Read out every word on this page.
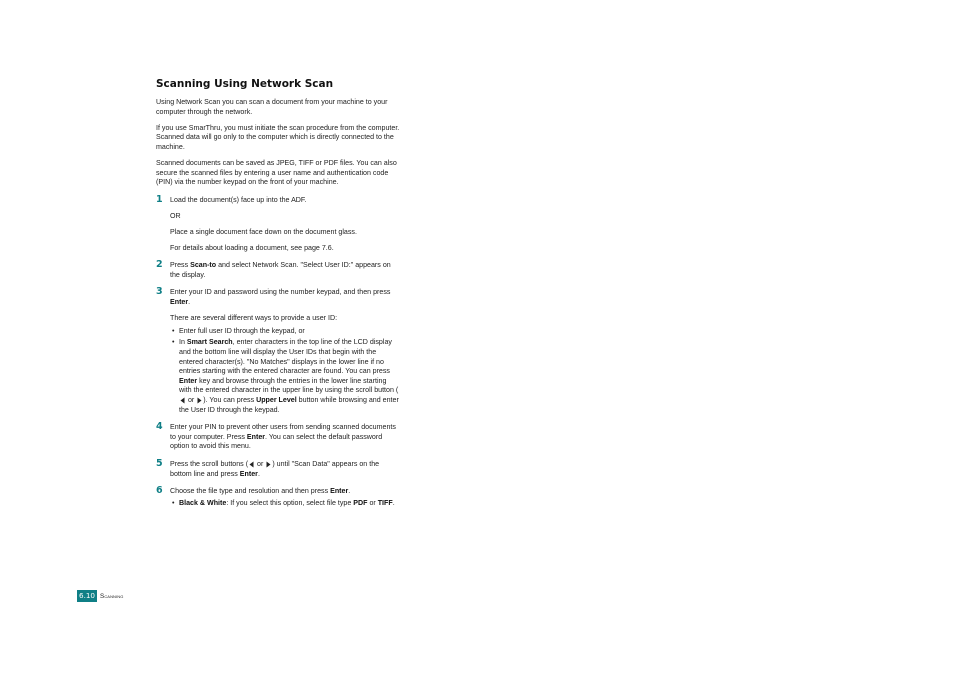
Scanning Using Network Scan

Using Network Scan you can scan a document from your machine to your computer through the network.

If you use SmarThru, you must initiate the scan procedure from the computer. Scanned data will go only to the computer which is directly connected to the machine.

Scanned documents can be saved as JPEG, TIFF or PDF files. You can also secure the scanned files by entering a user name and authentication code (PIN) via the number keypad on the front of your machine.

1 Load the document(s) face up into the ADF.

OR

Place a single document face down on the document glass.

For details about loading a document, see page 7.6.

2 Press Scan-to and select Network Scan. "Select User ID:" appears on the display.

3 Enter your ID and password using the number keypad, and then press Enter.

There are several different ways to provide a user ID:

• Enter full user ID through the keypad, or
• In Smart Search, enter characters in the top line of the LCD display and the bottom line will display the User IDs that begin with the entered character(s). "No Matches" displays in the lower line if no entries starting with the entered character are found. You can press Enter key and browse through the entries in the lower line starting with the entered character in the upper line by using the scroll button ( or ). You can press Upper Level button while browsing and enter the User ID through the keypad.
4 Enter your PIN to prevent other users from sending scanned documents to your computer. Press Enter. You can select the default password option to avoid this menu.

5 Press the scroll buttons ( or ) until "Scan Data" appears on the bottom line and press Enter.

6 Choose the file type and resolution and then press Enter.

• Black & White: If you select this option, select file type PDF or TIFF.
6.10 Scanning
